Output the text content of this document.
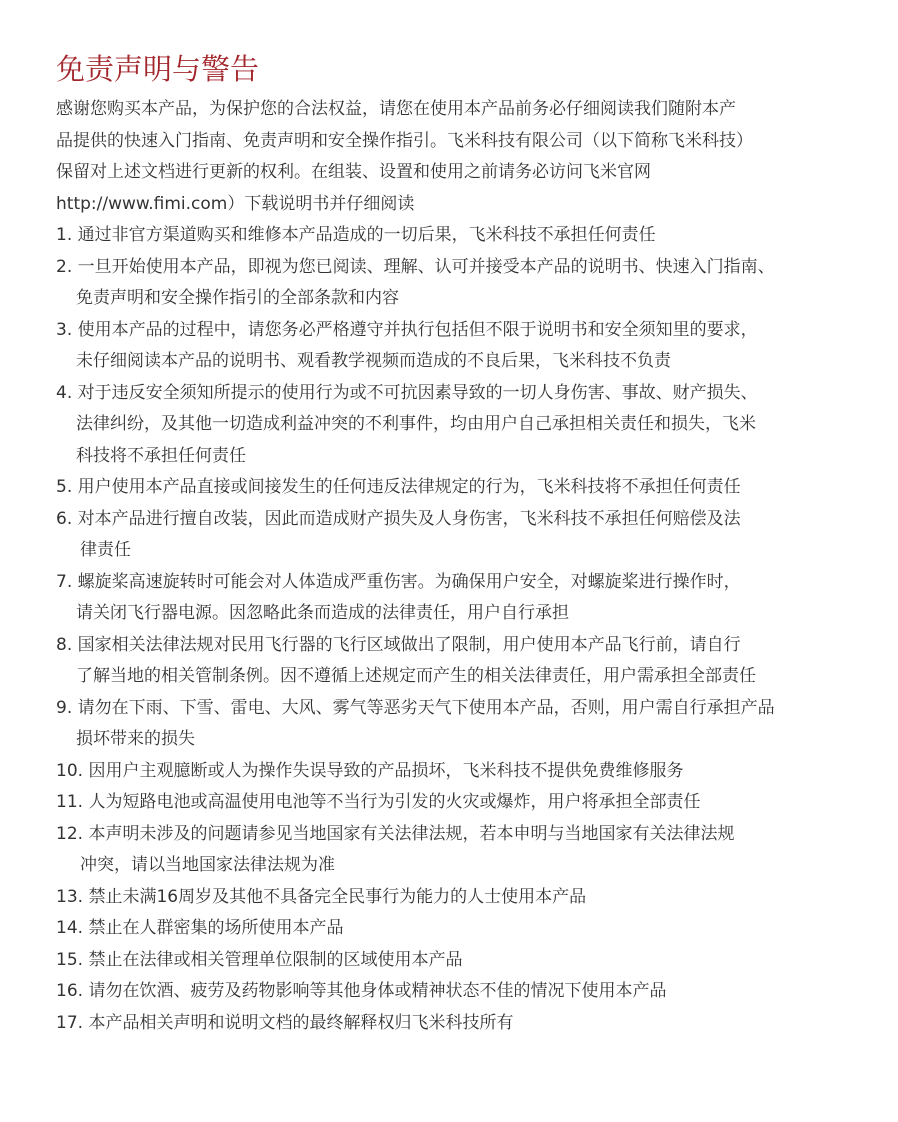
免责声明与警告
感谢您购买本产品，为保护您的合法权益，请您在使用本产品前务必仔细阅读我们随附本产
品提供的快速入门指南、免责声明和安全操作指引。飞米科技有限公司（以下简称飞米科技）
保留对上述文档进行更新的权利。在组装、设置和使用之前请务必访问飞米官网
http://www.fimi.com）下载说明书并仔细阅读
1. 通过非官方渠道购买和维修本产品造成的一切后果，飞米科技不承担任何责任
2. 一旦开始使用本产品，即视为您已阅读、理解、认可并接受本产品的说明书、快速入门指南、
免责声明和安全操作指引的全部条款和内容
3. 使用本产品的过程中，请您务必严格遵守并执行包括但不限于说明书和安全须知里的要求，
未仔细阅读本产品的说明书、观看教学视频而造成的不良后果，飞米科技不负责
4. 对于违反安全须知所提示的使用行为或不可抗因素导致的一切人身伤害、事故、财产损失、
法律纠纷，及其他一切造成利益冲突的不利事件，均由用户自己承担相关责任和损失，飞米
科技将不承担任何责任
5. 用户使用本产品直接或间接发生的任何违反法律规定的行为，飞米科技将不承担任何责任
6. 对本产品进行擅自改装，因此而造成财产损失及人身伤害，飞米科技不承担任何赔偿及法
律责任
7. 螺旋桨高速旋转时可能会对人体造成严重伤害。为确保用户安全，对螺旋桨进行操作时，
请关闭飞行器电源。因忽略此条而造成的法律责任，用户自行承担
8. 国家相关法律法规对民用飞行器的飞行区域做出了限制，用户使用本产品飞行前，请自行
了解当地的相关管制条例。因不遵循上述规定而产生的相关法律责任，用户需承担全部责任
9. 请勿在下雨、下雪、雷电、大风、雾气等恶劣天气下使用本产品，否则，用户需自行承担产品
损坏带来的损失
10. 因用户主观臆断或人为操作失误导致的产品损坏，飞米科技不提供免费维修服务
11. 人为短路电池或高温使用电池等不当行为引发的火灾或爆炸，用户将承担全部责任
12. 本声明未涉及的问题请参见当地国家有关法律法规，若本申明与当地国家有关法律法规
冲突，请以当地国家法律法规为准
13. 禁止未满16周岁及其他不具备完全民事行为能力的人士使用本产品
14. 禁止在人群密集的场所使用本产品
15. 禁止在法律或相关管理单位限制的区域使用本产品
16. 请勿在饮酒、疲劳及药物影响等其他身体或精神状态不佳的情况下使用本产品
17. 本产品相关声明和说明文档的最终解释权归飞米科技所有
